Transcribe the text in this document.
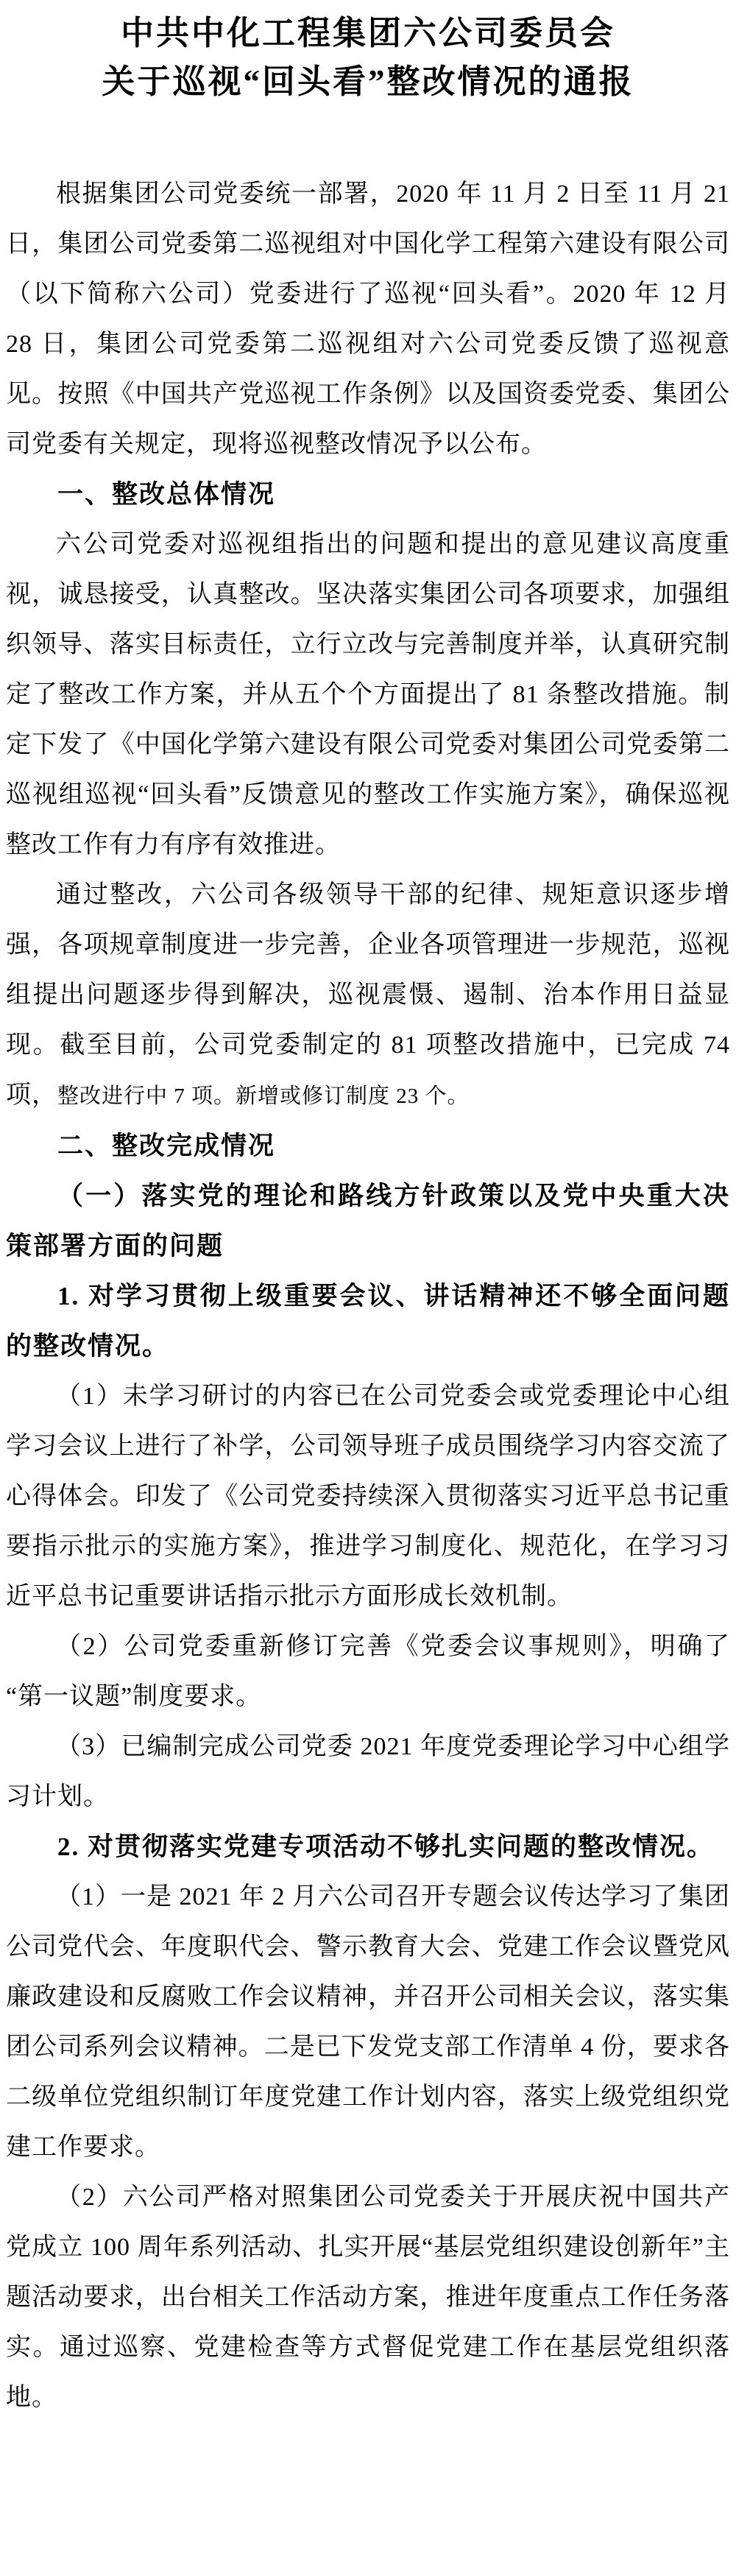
中共中化工程集团六公司委员会
关于巡视“回头看”整改情况的通报

根据集团公司党委统一部署，2020 年 11 月 2 日至 11 月 21 日，集团公司党委第二巡视组对中国化学工程第六建设有限公司（以下简称六公司）党委进行了巡视“回头看”。2020 年 12 月 28 日，集团公司党委第二巡视组对六公司党委反馈了巡视意见。按照《中国共产党巡视工作条例》以及国资委党委、集团公司党委有关规定，现将巡视整改情况予以公布。

一、整改总体情况

六公司党委对巡视组指出的问题和提出的意见建议高度重视，诚恳接受，认真整改。坚决落实集团公司各项要求，加强组织领导、落实目标责任，立行立改与完善制度并举，认真研究制定了整改工作方案，并从五个个方面提出了 81 条整改措施。制定下发了《中国化学第六建设有限公司党委对集团公司党委第二巡视组巡视“回头看”反馈意见的整改工作实施方案》，确保巡视整改工作有力有序有效推进。

通过整改，六公司各级领导干部的纪律、规矩意识逐步增强，各项规章制度进一步完善，企业各项管理进一步规范，巡视组提出问题逐步得到解决，巡视震慑、遏制、治本作用日益显现。截至目前，公司党委制定的 81 项整改措施中，已完成 74 项，整改进行中 7 项。新增或修订制度 23 个。

二、整改完成情况
（一）落实党的理论和路线方针政策以及党中央重大决策部署方面的问题
1. 对学习贯彻上级重要会议、讲话精神还不够全面问题的整改情况。

（1）未学习研讨的内容已在公司党委会或党委理论中心组学习会议上进行了补学，公司领导班子成员围绕学习内容交流了心得体会。印发了《公司党委持续深入贯彻落实习近平总书记重要指示批示的实施方案》，推进学习制度化、规范化，在学习习近平总书记重要讲话指示批示方面形成长效机制。

（2）公司党委重新修订完善《党委会议事规则》，明确了“第一议题”制度要求。

（3）已编制完成公司党委 2021 年度党委理论学习中心组学习计划。

2. 对贯彻落实党建专项活动不够扎实问题的整改情况。

（1）一是 2021 年 2 月六公司召开专题会议传达学习了集团公司党代会、年度职代会、警示教育大会、党建工作会议暨党风廉政建设和反腐败工作会议精神，并召开公司相关会议，落实集团公司系列会议精神。二是已下发党支部工作清单 4 份，要求各二级单位党组织制订年度党建工作计划内容，落实上级党组织党建工作要求。

（2）六公司严格对照集团公司党委关于开展庆祝中国共产党成立 100 周年系列活动、扎实开展“基层党组织建设创新年”主题活动要求，出台相关工作活动方案，推进年度重点工作任务落实。通过巡察、党建检查等方式督促党建工作在基层党组织落地。
